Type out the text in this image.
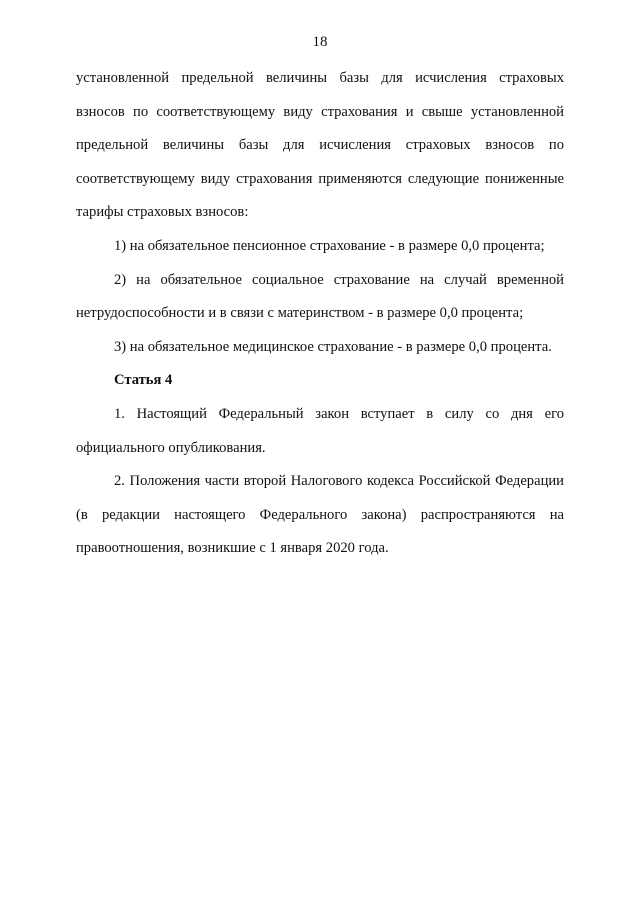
18

установленной предельной величины базы для исчисления страховых взносов по соответствующему виду страхования и свыше установленной предельной величины базы для исчисления страховых взносов по соответствующему виду страхования применяются следующие пониженные тарифы страховых взносов:

1) на обязательное пенсионное страхование - в размере 0,0 процента;

2) на обязательное социальное страхование на случай временной нетрудоспособности и в связи с материнством - в размере 0,0 процента;

3) на обязательное медицинское страхование - в размере 0,0 процента.

Статья 4

1. Настоящий Федеральный закон вступает в силу со дня его официального опубликования.

2. Положения части второй Налогового кодекса Российской Федерации (в редакции настоящего Федерального закона) распространяются на правоотношения, возникшие с 1 января 2020 года.
